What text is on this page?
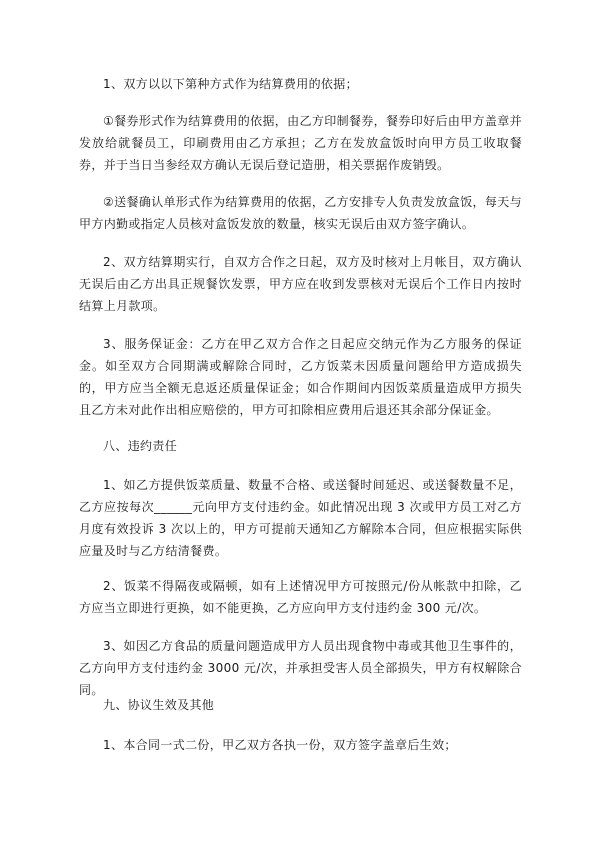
1、双方以以下第种方式作为结算费用的依据；

①餐券形式作为结算费用的依据，由乙方印制餐券，餐券印好后由甲方盖章并发放给就餐员工，印刷费用由乙方承担；乙方在发放盒饭时向甲方员工收取餐券，并于当日当参经双方确认无误后登记造册，相关票据作废销毁。

②送餐确认单形式作为结算费用的依据，乙方安排专人负责发放盒饭，每天与甲方内勤或指定人员核对盒饭发放的数量，核实无误后由双方签字确认。

2、双方结算期实行，自双方合作之日起，双方及时核对上月帐目，双方确认无误后由乙方出具正规餐饮发票，甲方应在收到发票核对无误后个工作日内按时结算上月款项。

3、服务保证金：乙方在甲乙双方合作之日起应交纳元作为乙方服务的保证金。如至双方合同期满或解除合同时，乙方饭菜未因质量问题给甲方造成损失的，甲方应当全额无息返还质量保证金；如合作期间内因饭菜质量造成甲方损失且乙方未对此作出相应赔偿的，甲方可扣除相应费用后退还其余部分保证金。

八、违约责任

1、如乙方提供饭菜质量、数量不合格、或送餐时间延迟、或送餐数量不足，乙方应按每次______元向甲方支付违约金。如此情况出现 3 次或甲方员工对乙方月度有效投诉 3 次以上的，甲方可提前天通知乙方解除本合同，但应根据实际供应量及时与乙方结清餐费。

2、饭菜不得隔夜或隔顿，如有上述情况甲方可按照元/份从帐款中扣除，乙方应当立即进行更换，如不能更换，乙方应向甲方支付违约金 300 元/次。

3、如因乙方食品的质量问题造成甲方人员出现食物中毒或其他卫生事件的，乙方向甲方支付违约金 3000 元/次，并承担受害人员全部损失，甲方有权解除合同。

九、协议生效及其他

1、本合同一式二份，甲乙双方各执一份，双方签字盖章后生效；
